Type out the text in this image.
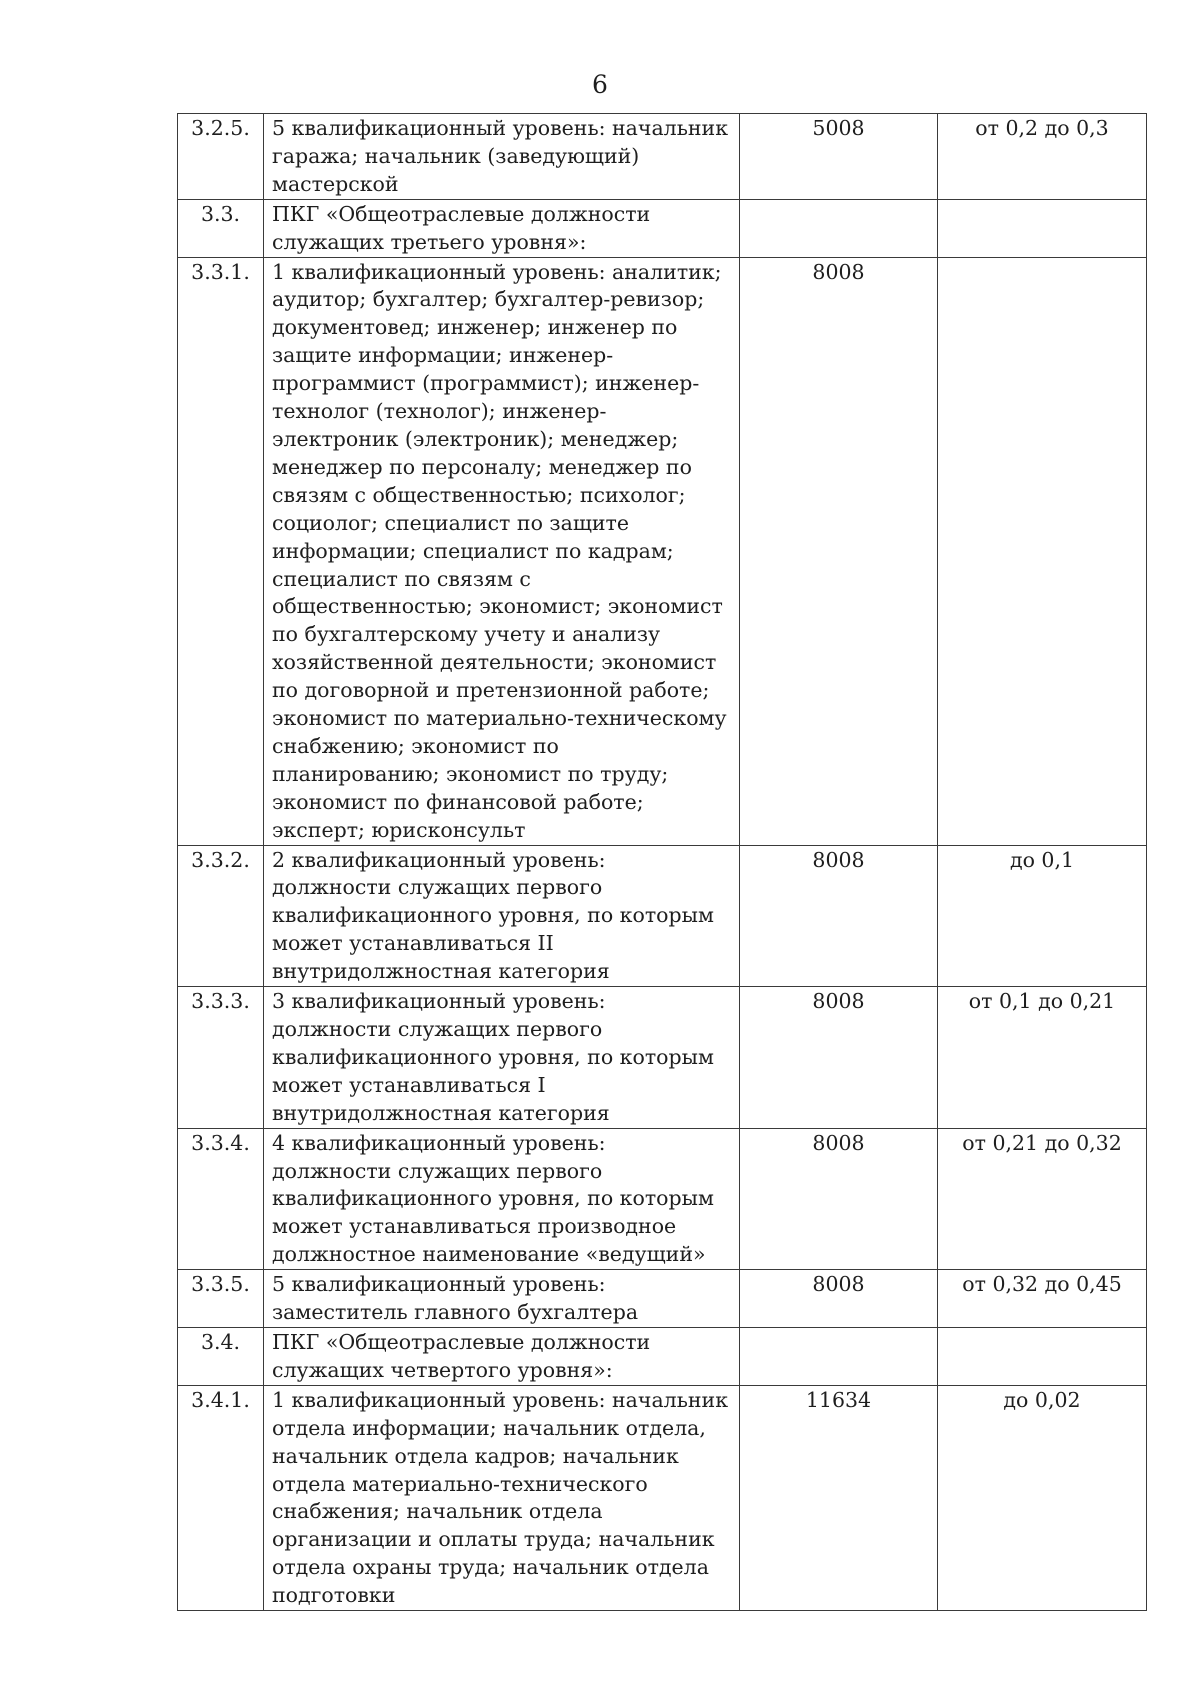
6
3.2.5.	5 квалификационный уровень: начальник гаража; начальник (заведующий) мастерской	5008	от 0,2 до 0,3
3.3.	ПКГ «Общеотраслевые должности служащих третьего уровня»:		
3.3.1.	1 квалификационный уровень: аналитик; аудитор; бухгалтер; бухгалтер-ревизор; документовед; инженер; инженер по защите информации; инженер-программист (программист); инженер-технолог (технолог); инженер-электроник (электроник); менеджер; менеджер по персоналу; менеджер по связям с общественностью; психолог; социолог; специалист по защите информации; специалист по кадрам; специалист по связям с общественностью; экономист; экономист по бухгалтерскому учету и анализу хозяйственной деятельности; экономист по договорной и претензионной работе; экономист по материально-техническому снабжению; экономист по планированию; экономист по труду; экономист по финансовой работе; эксперт; юрисконсульт	8008	
3.3.2.	2 квалификационный уровень: должности служащих первого квалификационного уровня, по которым может устанавливаться II внутридолжностная категория	8008	до 0,1
3.3.3.	3 квалификационный уровень: должности служащих первого квалификационного уровня, по которым может устанавливаться I внутридолжностная категория	8008	от 0,1 до 0,21
3.3.4.	4 квалификационный уровень: должности служащих первого квалификационного уровня, по которым может устанавливаться производное должностное наименование «ведущий»	8008	от 0,21 до 0,32
3.3.5.	5 квалификационный уровень: заместитель главного бухгалтера	8008	от 0,32 до 0,45
3.4.	ПКГ «Общеотраслевые должности служащих четвертого уровня»:		
3.4.1.	1 квалификационный уровень: начальник отдела информации; начальник отдела, начальник отдела кадров; начальник отдела материально-технического снабжения; начальник отдела организации и оплаты труда; начальник отдела охраны труда; начальник отдела подготовки	11634	до 0,02
